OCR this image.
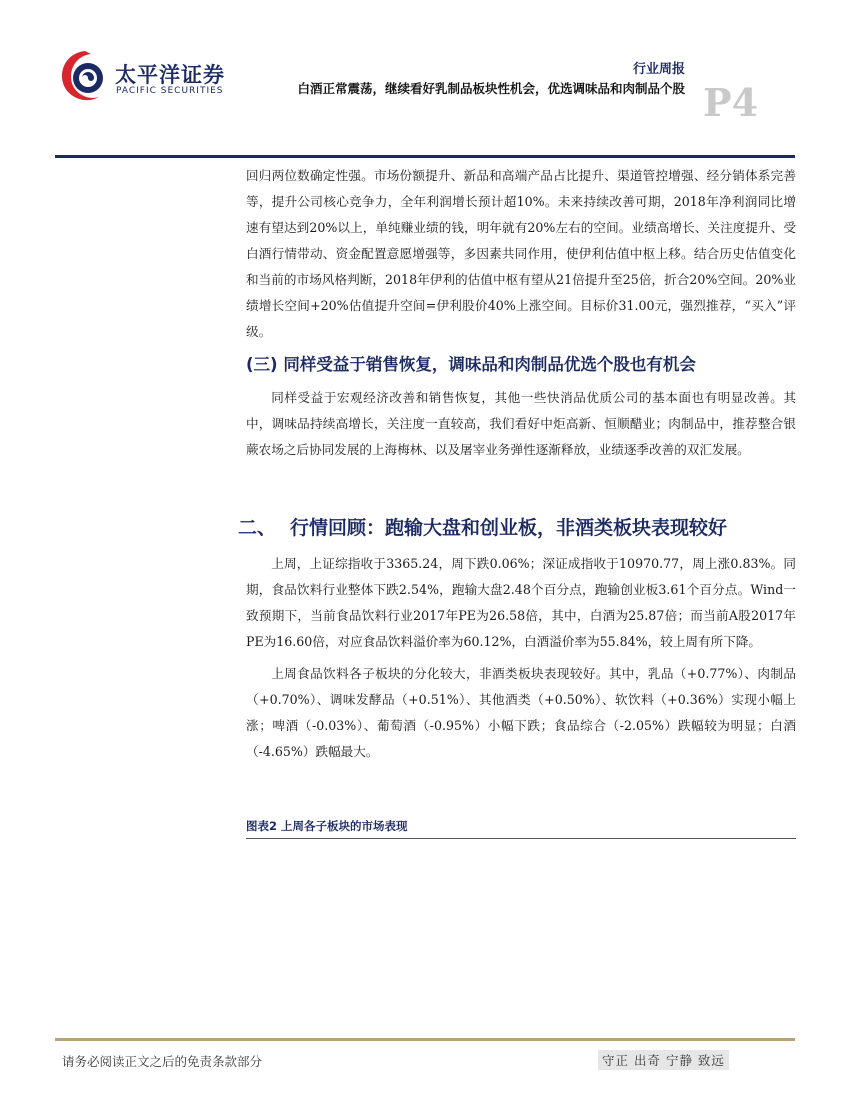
太平洋证券
PACIFIC SECURITIES
行业周报
白酒正常震荡，继续看好乳制品板块性机会，优选调味品和肉制品个股 P4

回归两位数确定性强。市场份额提升、新品和高端产品占比提升、渠道管控增强、经分销体系完善等，提升公司核心竞争力，全年利润增长预计超10%。未来持续改善可期，2018年净利润同比增速有望达到20%以上，单纯赚业绩的钱，明年就有20%左右的空间。业绩高增长、关注度提升、受白酒行情带动、资金配置意愿增强等，多因素共同作用，使伊利估值中枢上移。结合历史估值变化和当前的市场风格判断，2018年伊利的估值中枢有望从21倍提升至25倍，折合20%空间。20%业绩增长空间+20%估值提升空间=伊利股价40%上涨空间。目标价31.00元，强烈推荐，“买入”评级。

(三) 同样受益于销售恢复，调味品和肉制品优选个股也有机会

同样受益于宏观经济改善和销售恢复，其他一些快消品优质公司的基本面也有明显改善。其中，调味品持续高增长，关注度一直较高，我们看好中炬高新、恒顺醋业；肉制品中，推荐整合银蕨农场之后协同发展的上海梅林、以及屠宰业务弹性逐渐释放，业绩逐季改善的双汇发展。

二、 行情回顾：跑输大盘和创业板，非酒类板块表现较好

上周，上证综指收于3365.24，周下跌0.06%；深证成指收于10970.77，周上涨0.83%。同期，食品饮料行业整体下跌2.54%，跑输大盘2.48个百分点，跑输创业板3.61个百分点。Wind一致预期下，当前食品饮料行业2017年PE为26.58倍，其中，白酒为25.87倍；而当前A股2017年PE为16.60倍，对应食品饮料溢价率为60.12%，白酒溢价率为55.84%，较上周有所下降。

上周食品饮料各子板块的分化较大，非酒类板块表现较好。其中，乳品（+0.77%）、肉制品（+0.70%）、调味发酵品（+0.51%）、其他酒类（+0.50%）、软饮料（+0.36%）实现小幅上涨；啤酒（-0.03%）、葡萄酒（-0.95%）小幅下跌；食品综合（-2.05%）跌幅较为明显；白酒（-4.65%）跌幅最大。

图表2 上周各子板块的市场表现
请务必阅读正文之后的免责条款部分	守正 出奇 宁静 致远
